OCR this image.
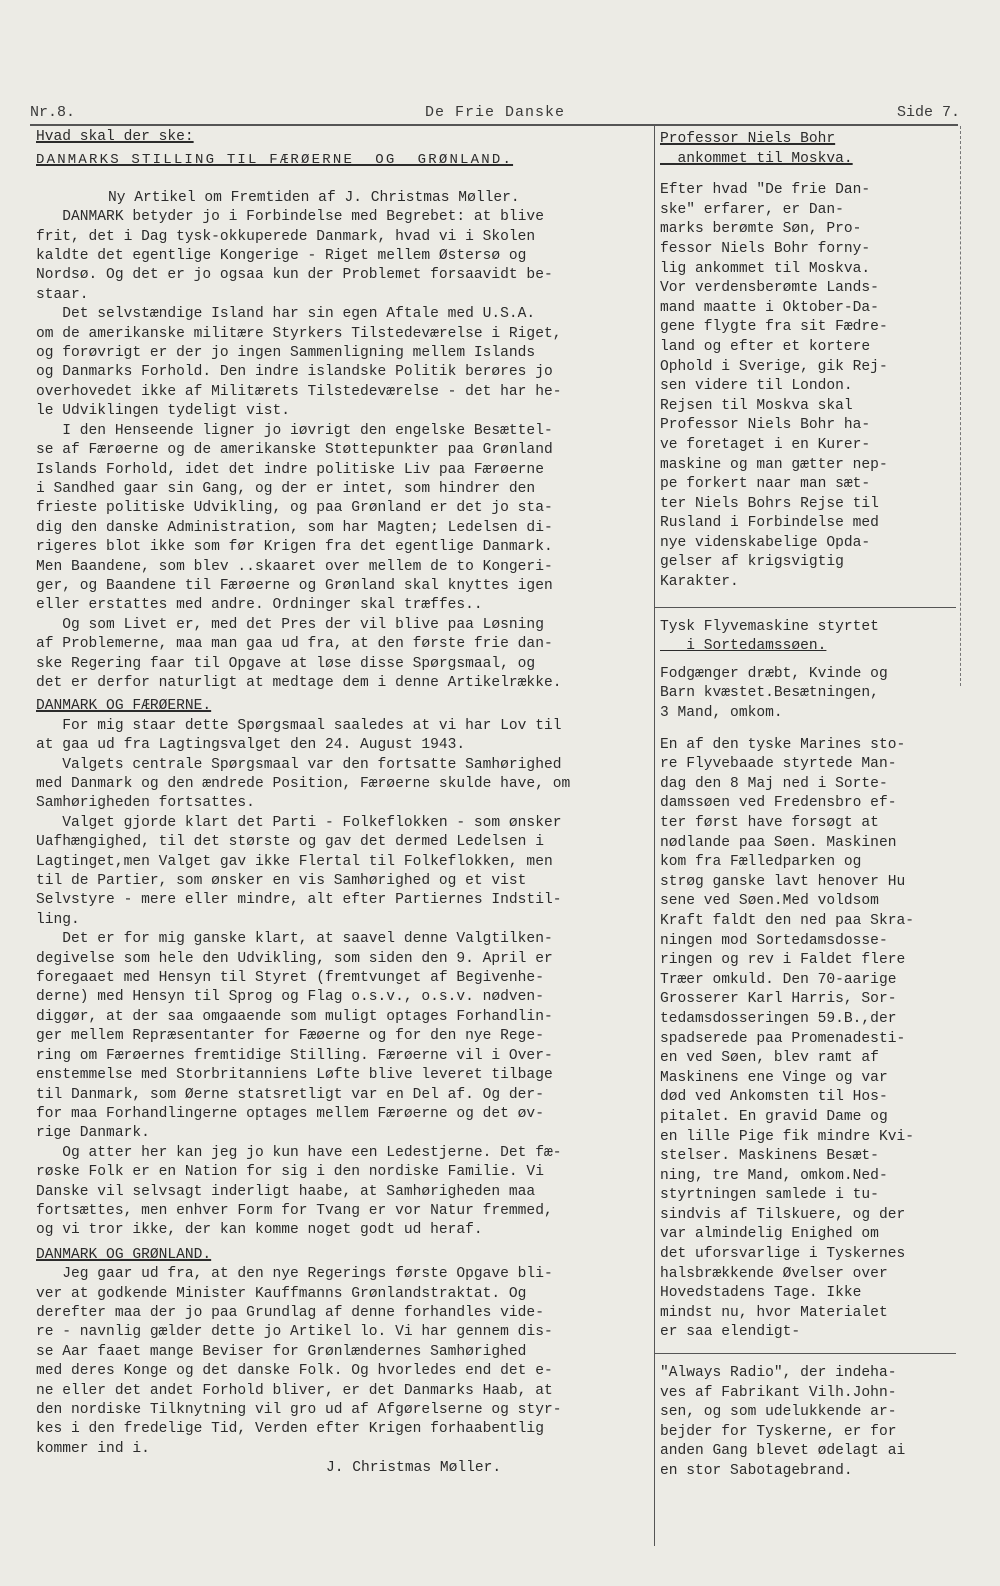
Nr.8.	De Frie Danske	Side 7.
Hvad skal der ske:
DANMARKS STILLING TIL FÆRØERNE  OG  GRØNLAND.
Ny Artikel om Fremtiden af J. Christmas Møller.
DANMARK betyder jo i Forbindelse med Begrebet: at blive
frit, det i Dag tysk-okkuperede Danmark, hvad vi i Skolen
kaldte det egentlige Kongerige - Riget mellem Østersø og
Nordsø. Og det er jo ogsaa kun der Problemet forsaavidt be-
staar.
Det selvstændige Island har sin egen Aftale med U.S.A.
om de amerikanske militære Styrkers Tilstedeværelse i Riget,
og forøvrigt er der jo ingen Sammenligning mellem Islands
og Danmarks Forhold. Den indre islandske Politik berøres jo
overhovedet ikke af Militærets Tilstedeværelse - det har he-
le Udviklingen tydeligt vist.
I den Henseende ligner jo iøvrigt den engelske Besættel-
se af Færøerne og de amerikanske Støttepunkter paa Grønland
Islands Forhold, idet det indre politiske Liv paa Færøerne
i Sandhed gaar sin Gang, og der er intet, som hindrer den
frieste politiske Udvikling, og paa Grønland er det jo sta-
dig den danske Administration, som har Magten; Ledelsen di-
rigeres blot ikke som før Krigen fra det egentlige Danmark.
Men Baandene, som blev ..skaaret over mellem de to Kongeri-
ger, og Baandene til Færøerne og Grønland skal knyttes igen
eller erstattes med andre. Ordninger skal træffes..
Og som Livet er, med det Pres der vil blive paa Løsning
af Problemerne, maa man gaa ud fra, at den første frie dan-
ske Regering faar til Opgave at løse disse Spørgsmaal, og
det er derfor naturligt at medtage dem i denne Artikelrække.
DANMARK OG FÆRØERNE.
For mig staar dette Spørgsmaal saaledes at vi har Lov til
at gaa ud fra Lagtingsvalget den 24. August 1943.
Valgets centrale Spørgsmaal var den fortsatte Samhørighed
med Danmark og den ændrede Position, Færøerne skulde have, om
Samhørigheden fortsattes.
Valget gjorde klart det Parti - Folkeflokken - som ønsker
Uafhængighed, til det største og gav det dermed Ledelsen i
Lagtinget,men Valget gav ikke Flertal til Folkeflokken, men
til de Partier, som ønsker en vis Samhørighed og et vist
Selvstyre - mere eller mindre, alt efter Partiernes Indstil-
ling.
Det er for mig ganske klart, at saavel denne Valgtilken-
degivelse som hele den Udvikling, som siden den 9. April er
foregaaet med Hensyn til Styret (fremtvunget af Begivenhe-
derne) med Hensyn til Sprog og Flag o.s.v., o.s.v. nødven-
diggør, at der saa omgaaende som muligt optages Forhandlin-
ger mellem Repræsentanter for Fæøerne og for den nye Rege-
ring om Færøernes fremtidige Stilling. Færøerne vil i Over-
enstemmelse med Storbritanniens Løfte blive leveret tilbage
til Danmark, som Øerne statsretligt var en Del af. Og der-
for maa Forhandlingerne optages mellem Færøerne og det øv-
rige Danmark.
Og atter her kan jeg jo kun have een Ledestjerne. Det fæ-
røske Folk er en Nation for sig i den nordiske Familie. Vi
Danske vil selvsagt inderligt haabe, at Samhørigheden maa
fortsættes, men enhver Form for Tvang er vor Natur fremmed,
og vi tror ikke, der kan komme noget godt ud heraf.
DANMARK OG GRØNLAND.
Jeg gaar ud fra, at den nye Regerings første Opgave bli-
ver at godkende Minister Kauffmanns Grønlandstraktat. Og
derefter maa der jo paa Grundlag af denne forhandles vide-
re - navnlig gælder dette jo Artikel lo. Vi har gennem dis-
se Aar faaet mange Beviser for Grønlændernes Samhørighed
med deres Konge og det danske Folk. Og hvorledes end det e-
ne eller det andet Forhold bliver, er det Danmarks Haab, at
den nordiske Tilknytning vil gro ud af Afgørelserne og styr-
kes i den fredelige Tid, Verden efter Krigen forhaabentlig
kommer ind i.
J. Christmas Møller.
Professor Niels Bohr
ankommet til Moskva.
Efter hvad "De frie Dan-
ske" erfarer, er Dan-
marks berømte Søn, Pro-
fessor Niels Bohr forny-
lig ankommet til Moskva.
Vor verdensberømte Lands-
mand maatte i Oktober-Da-
gene flygte fra sit Fædre-
land og efter et kortere
Ophold i Sverige, gik Rej-
sen videre til London.
Rejsen til Moskva skal
Professor Niels Bohr ha-
ve foretaget i en Kurer-
maskine og man gætter nep-
pe forkert naar man sæt-
ter Niels Bohrs Rejse til
Rusland i Forbindelse med
nye videnskabelige Opda-
gelser af krigsvigtig
Karakter.
Tysk Flyvemaskine styrtet
i Sortedamssøen.
Fodgænger dræbt, Kvinde og
Barn kvæstet.Besætningen,
3 Mand, omkom.
En af den tyske Marines sto-
re Flyvebaade styrtede Man-
dag den 8 Maj ned i Sorte-
damssøen ved Fredensbro ef-
ter først have forsøgt at
nødlande paa Søen. Maskinen
kom fra Fælledparken og
strøg ganske lavt henover Hu
sene ved Søen.Med voldsom
Kraft faldt den ned paa Skra-
ningen mod Sortedamsdosse-
ringen og rev i Faldet flere
Træer omkuld. Den 70-aarige
Grosserer Karl Harris, Sor-
tedamsdosseringen 59.B.,der
spadserede paa Promenadesti-
en ved Søen, blev ramt af
Maskinens ene Vinge og var
død ved Ankomsten til Hos-
pitalet. En gravid Dame og
en lille Pige fik mindre Kvi-
stelser. Maskinens Besæt-
ning, tre Mand, omkom.Ned-
styrtningen samlede i tu-
sindvis af Tilskuere, og der
var almindelig Enighed om
det uforsvarlige i Tyskernes
halsbrækkende Øvelser over
Hovedstadens Tage. Ikke
mindst nu, hvor Materialet
er saa elendigt-
"Always Radio", der indeha-
ves af Fabrikant Vilh.John-
sen, og som udelukkende ar-
bejder for Tyskerne, er for
anden Gang blevet ødelagt ai
en stor Sabotagebrand.
